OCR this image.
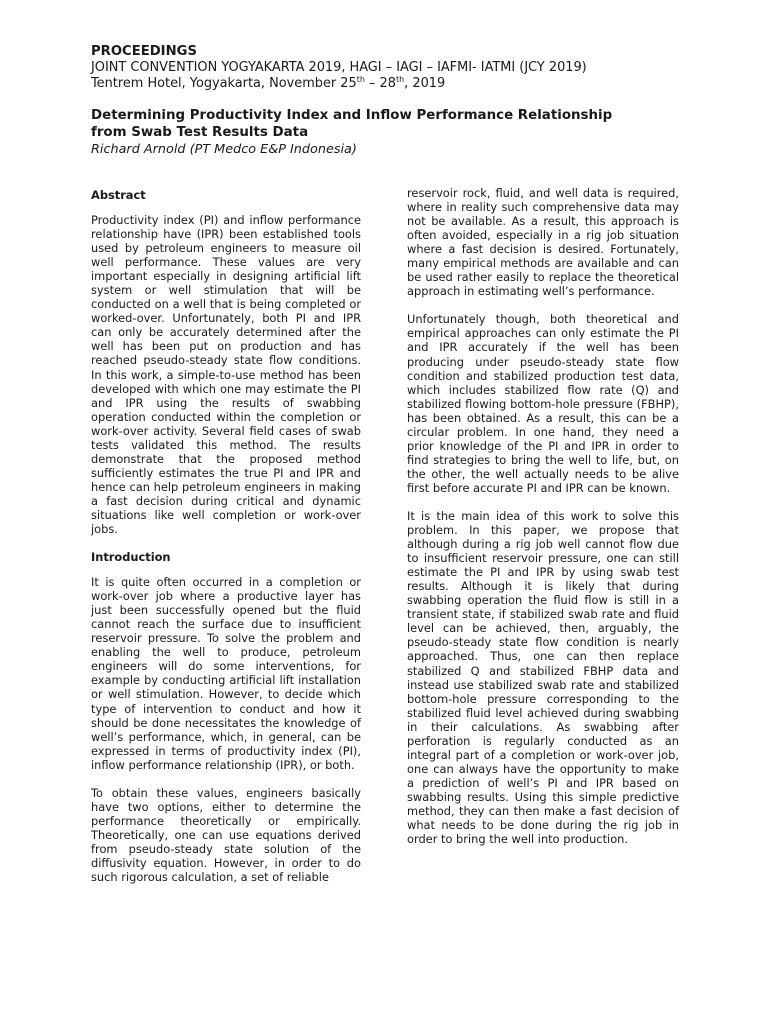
PROCEEDINGS
JOINT CONVENTION YOGYAKARTA 2019, HAGI – IAGI – IAFMI- IATMI (JCY 2019)
Tentrem Hotel, Yogyakarta, November 25th – 28th, 2019
Determining Productivity Index and Inflow Performance Relationship
from Swab Test Results Data
Richard Arnold (PT Medco E&P Indonesia)
Abstract

Productivity index (PI) and inflow performance relationship have (IPR) been established tools used by petroleum engineers to measure oil well performance. These values are very important especially in designing artificial lift system or well stimulation that will be conducted on a well that is being completed or worked-over. Unfortunately, both PI and IPR can only be accurately determined after the well has been put on production and has reached pseudo-steady state flow conditions. In this work, a simple-to-use method has been developed with which one may estimate the PI and IPR using the results of swabbing operation conducted within the completion or work-over activity. Several field cases of swab tests validated this method. The results demonstrate that the proposed method sufficiently estimates the true PI and IPR and hence can help petroleum engineers in making a fast decision during critical and dynamic situations like well completion or work-over jobs.

Introduction

It is quite often occurred in a completion or work-over job where a productive layer has just been successfully opened but the fluid cannot reach the surface due to insufficient reservoir pressure. To solve the problem and enabling the well to produce, petroleum engineers will do some interventions, for example by conducting artificial lift installation or well stimulation. However, to decide which type of intervention to conduct and how it should be done necessitates the knowledge of well’s performance, which, in general, can be expressed in terms of productivity index (PI), inflow performance relationship (IPR), or both.

To obtain these values, engineers basically have two options, either to determine the performance theoretically or empirically. Theoretically, one can use equations derived from pseudo-steady state solution of the diffusivity equation. However, in order to do such rigorous calculation, a set of reliable

reservoir rock, fluid, and well data is required, where in reality such comprehensive data may not be available. As a result, this approach is often avoided, especially in a rig job situation where a fast decision is desired. Fortunately, many empirical methods are available and can be used rather easily to replace the theoretical approach in estimating well’s performance.

Unfortunately though, both theoretical and empirical approaches can only estimate the PI and IPR accurately if the well has been producing under pseudo-steady state flow condition and stabilized production test data, which includes stabilized flow rate (Q) and stabilized flowing bottom-hole pressure (FBHP), has been obtained. As a result, this can be a circular problem. In one hand, they need a prior knowledge of the PI and IPR in order to find strategies to bring the well to life, but, on the other, the well actually needs to be alive first before accurate PI and IPR can be known.

It is the main idea of this work to solve this problem. In this paper, we propose that although during a rig job well cannot flow due to insufficient reservoir pressure, one can still estimate the PI and IPR by using swab test results. Although it is likely that during swabbing operation the fluid flow is still in a transient state, if stabilized swab rate and fluid level can be achieved, then, arguably, the pseudo-steady state flow condition is nearly approached. Thus, one can then replace stabilized Q and stabilized FBHP data and instead use stabilized swab rate and stabilized bottom-hole pressure corresponding to the stabilized fluid level achieved during swabbing in their calculations. As swabbing after perforation is regularly conducted as an integral part of a completion or work-over job, one can always have the opportunity to make a prediction of well’s PI and IPR based on swabbing results. Using this simple predictive method, they can then make a fast decision of what needs to be done during the rig job in order to bring the well into production.
